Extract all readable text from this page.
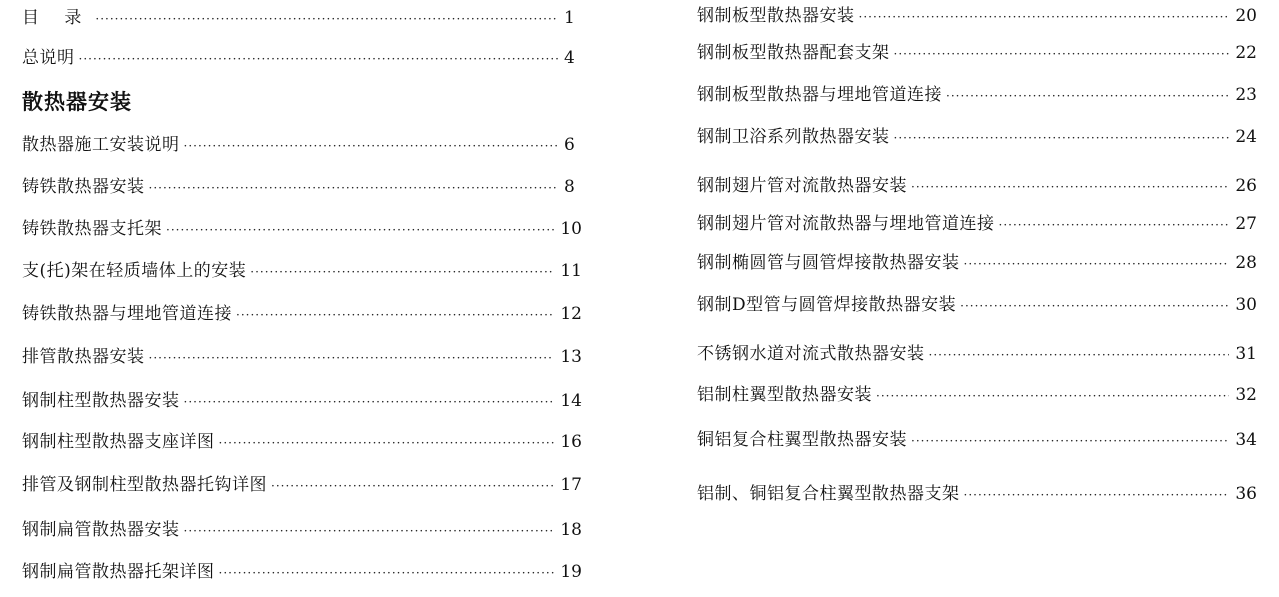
目 录 ·····	1
总说明 ·····	4
散热器安装
散热器施工安装说明 ·····	6
铸铁散热器安装 ·····	8
铸铁散热器支托架 ·····	10
支(托)架在轻质墙体上的安装 ·····	11
铸铁散热器与埋地管道连接 ·····	12
排管散热器安装 ·····	13
钢制柱型散热器安装 ·····	14
钢制柱型散热器支座详图 ·····	16
排管及钢制柱型散热器托钩详图 ·····	17
钢制扁管散热器安装 ·····	18
钢制扁管散热器托架详图 ·····	19
钢制板型散热器安装 ·····	20
钢制板型散热器配套支架 ·····	22
钢制板型散热器与埋地管道连接 ·····	23
钢制卫浴系列散热器安装 ·····	24
钢制翅片管对流散热器安装 ·····	26
钢制翅片管对流散热器与埋地管道连接 ·····	27
钢制椭圆管与圆管焊接散热器安装 ·····	28
钢制D型管与圆管焊接散热器安装 ·····	30
不锈钢水道对流式散热器安装 ·····	31
铝制柱翼型散热器安装 ·····	32
铜铝复合柱翼型散热器安装 ·····	34
铝制、铜铝复合柱翼型散热器支架 ·····	36
